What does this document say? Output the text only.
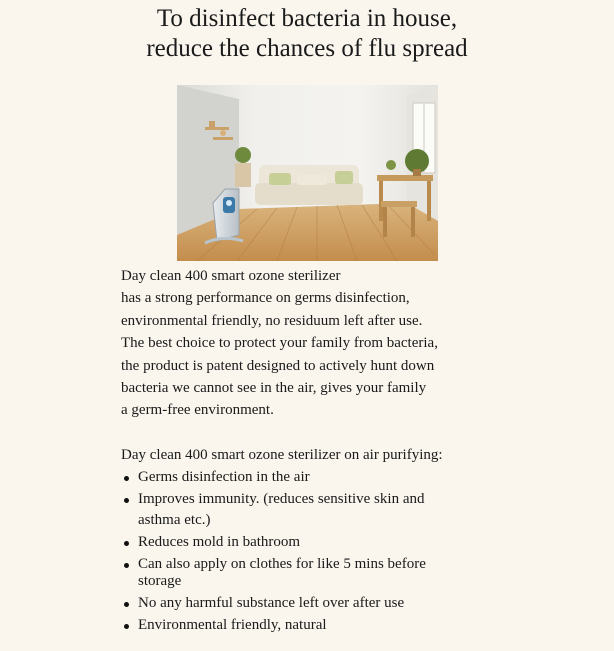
To disinfect bacteria in house,
reduce the chances of flu spread

Day clean 400 smart ozone sterilizer
has a strong performance on germs disinfection,
environmental friendly, no residuum left after use.
The best choice to protect your family from bacteria,
the product is patent designed to actively hunt down
bacteria we cannot see in the air, gives your family
a germ-free environment.

Day clean 400 smart ozone sterilizer on air purifying:

Germs disinfection in the air
Improves immunity. (reduces sensitive skin and asthma etc.)
Reduces mold in bathroom
Can also apply on clothes for like 5 mins before storage
No any harmful substance left over after use
Environmental friendly, natural
